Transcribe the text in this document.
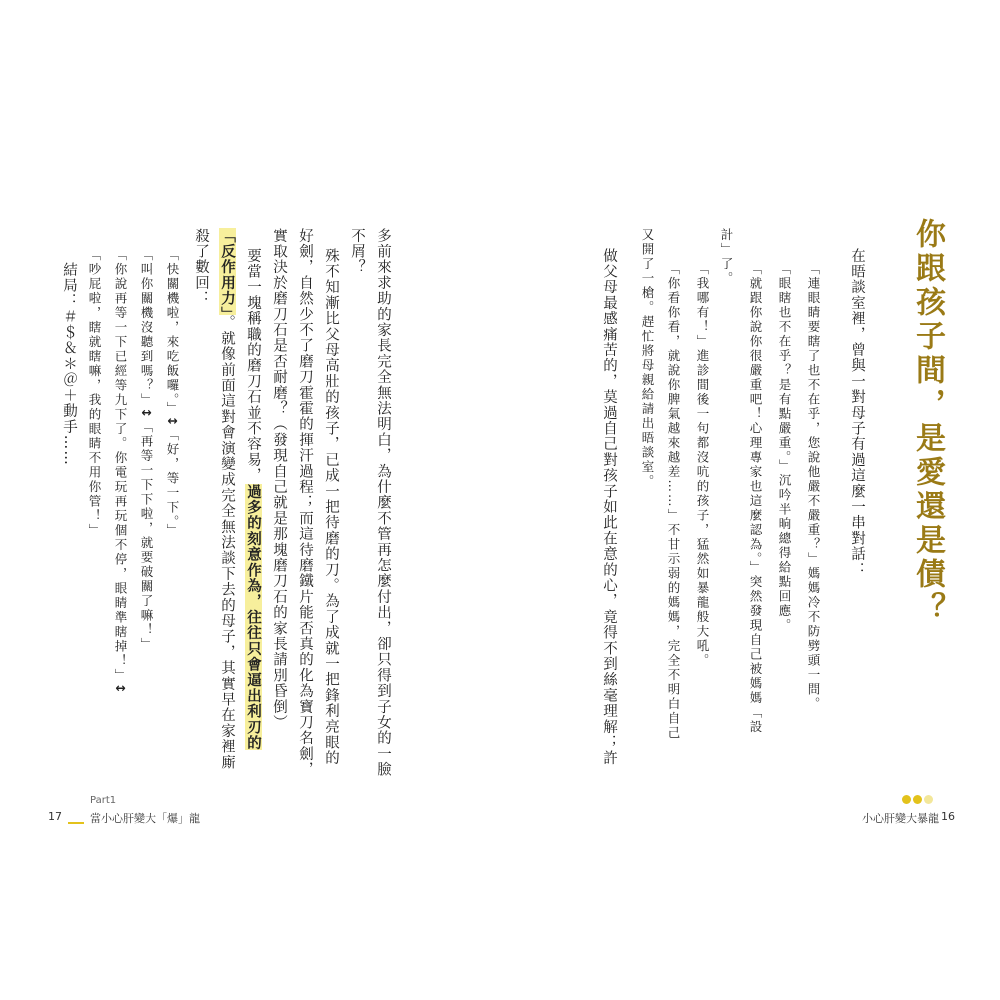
你跟孩子間，是愛還是債？
在晤談室裡，曾與一對母子有過這麼一串對話：
「連眼睛要瞎了也不在乎，您說他嚴不嚴重？」媽媽冷不防劈頭一問。
「眼瞎也不在乎？是有點嚴重。」沉吟半晌總得給點回應。
「就跟你說你很嚴重吧！心理專家也這麼認為。」突然發現自己被媽媽「設
計」了。
「我哪有！」進診間後一句都沒吭的孩子，猛然如暴龍般大吼。
「你看你看，就說你脾氣越來越差……」不甘示弱的媽媽，完全不明白自己
又開了一槍。趕忙將母親給請出晤談室。
做父母最感痛苦的，莫過自己對孩子如此在意的心，竟得不到絲毫理解；許
多前來求助的家長完全無法明白，為什麼不管再怎麼付出，卻只得到子女的一臉
不屑？
殊不知漸比父母高壯的孩子，已成一把待磨的刀。為了成就一把鋒利亮眼的
好劍，自然少不了磨刀霍霍的揮汗過程；而這待磨鐵片能否真的化為寶刀名劍，
實取決於磨刀石是否耐磨？（發現自己就是那塊磨刀石的家長請別昏倒）
要當一塊稱職的磨刀石並不容易，過多的刻意作為，往往只會逼出利刃的
「反作用力」。就像前面這對會演變成完全無法談下去的母子，其實早在家裡廝
殺了數回：
「快關機啦，來吃飯囉。」↕「好，等一下。」
「叫你關機沒聽到嗎？」↕「再等一下下啦，就要破關了嘛！」
「你說再等一下已經等九下了。你電玩再玩個不停，眼睛準瞎掉！」↕
「吵屁啦，瞎就瞎嘛，我的眼睛不用你管！」
結局：＃＄＆＊＠＋動手……
Part1
17	當小心肝變大「爆」龍	小心肝變大暴龍 16
